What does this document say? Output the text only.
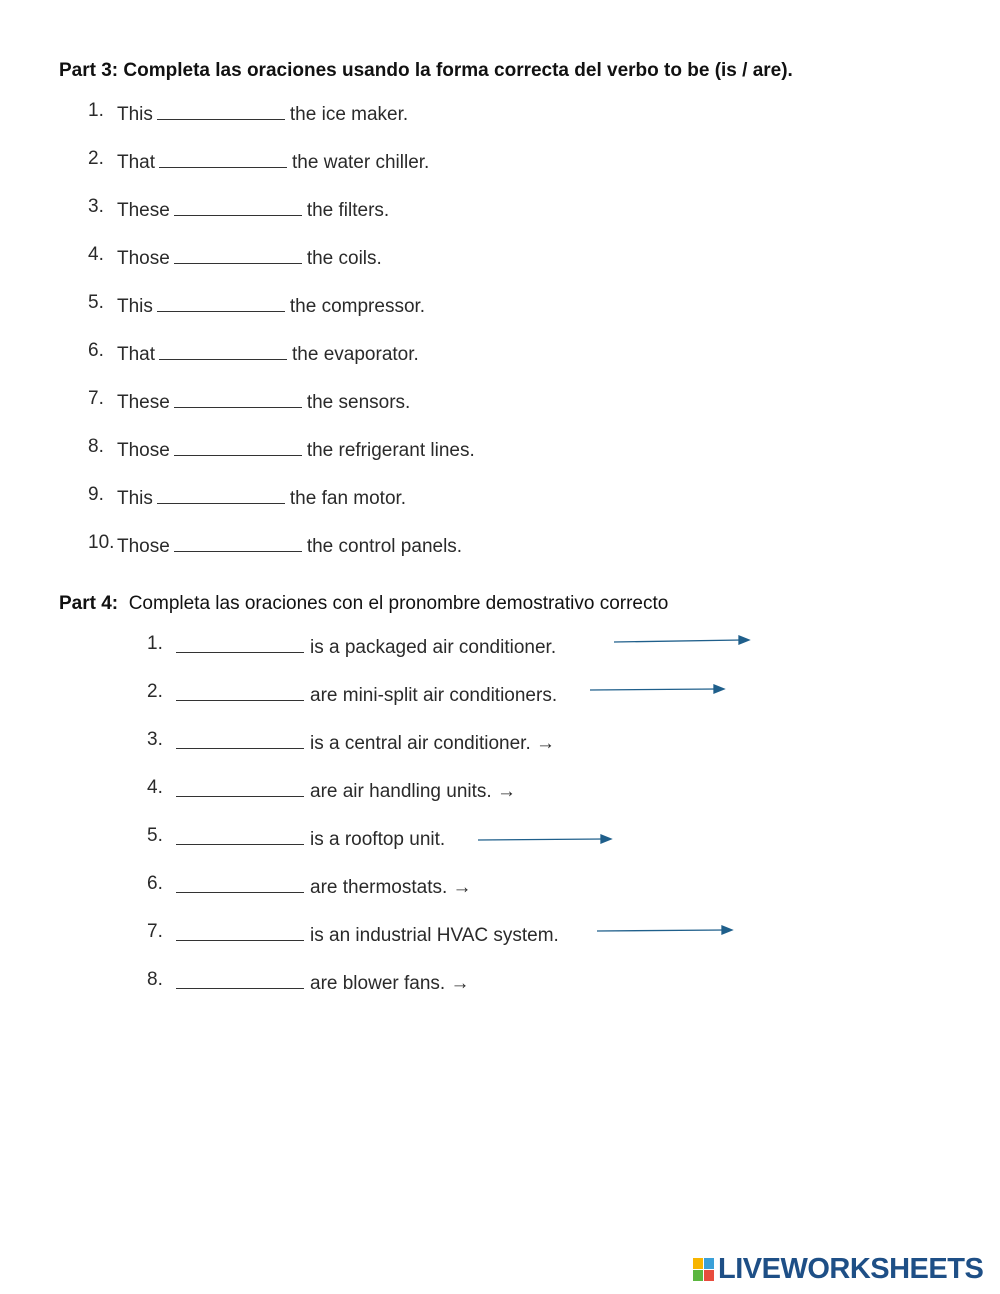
Part 3: Completa las oraciones usando la forma correcta del verbo to be (is / are).
1. This	the ice maker.
2. That	the water chiller.
3. These	the filters.
4. Those	the coils.
5. This	the compressor.
6. That	the evaporator.
7. These	the sensors.
8. Those	the refrigerant lines.
9. This	the fan motor.
10. Those	the control panels.
Part 4: Completa las oraciones con el pronombre demostrativo correcto
1.	is a packaged air conditioner.
2.	are mini-split air conditioners.
3.	is a central air conditioner. →
4.	are air handling units. →
5.	is a rooftop unit.
6.	are thermostats. →
7.	is an industrial HVAC system.
8.	are blower fans. →
LIVEWORKSHEETS
